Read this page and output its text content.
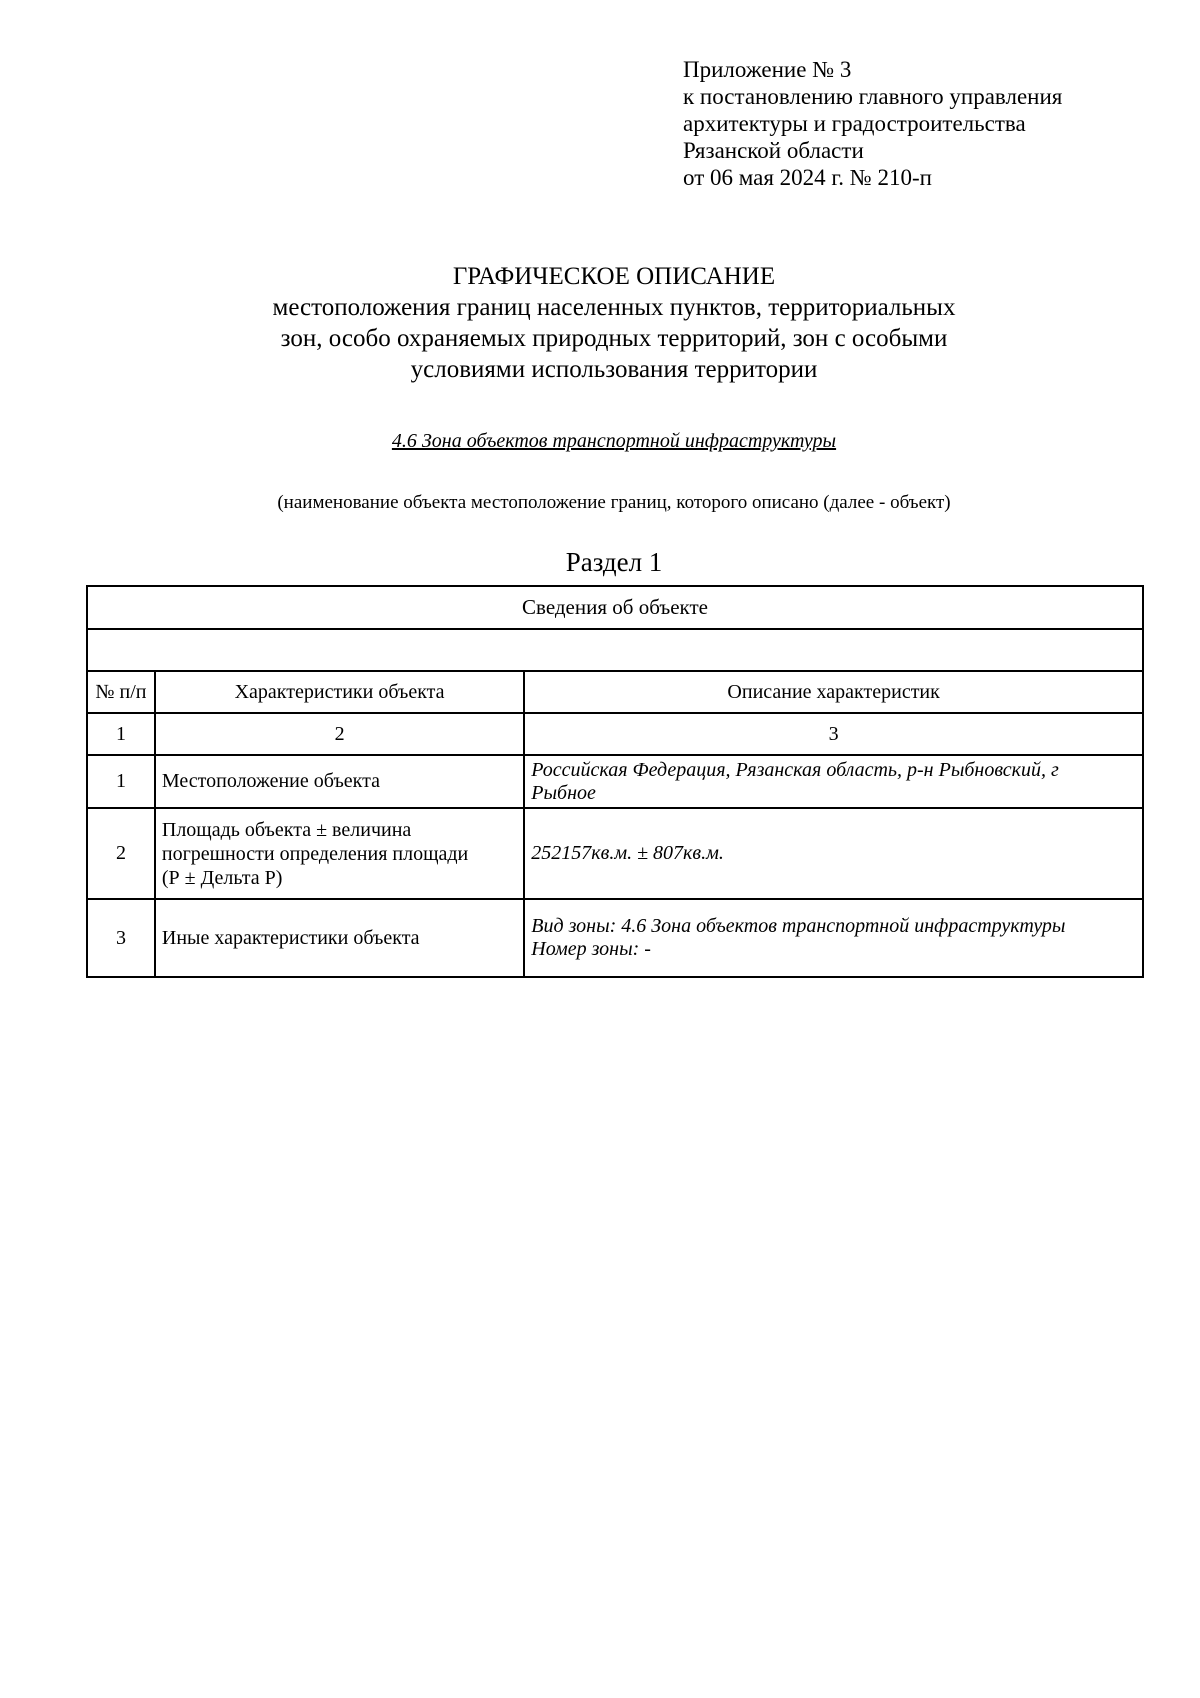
Приложение № 3
к постановлению главного управления
архитектуры и градостроительства
Рязанской области
от 06 мая 2024 г. № 210-п
ГРАФИЧЕСКОЕ ОПИСАНИЕ
местоположения границ населенных пунктов, территориальных
зон, особо охраняемых природных территорий, зон с особыми
условиями использования территории
4.6 Зона объектов транспортной инфраструктуры
(наименование объекта местоположение границ, которого описано (далее - объект)
Раздел 1
Сведения об объекте		

№ п/п	Характеристики объекта	Описание характеристик
1	2	3
1	Местоположение объекта	Российская Федерация, Рязанская область, р-н Рыбновский, г
Рыбное

2	Площадь объекта ± величина
погрешности определения площади
(Р ± Дельта Р)	252157кв.м. ± 807кв.м.

3	Иные характеристики объекта	Вид зоны: 4.6 Зона объектов транспортной инфраструктуры
Номер зоны: -
